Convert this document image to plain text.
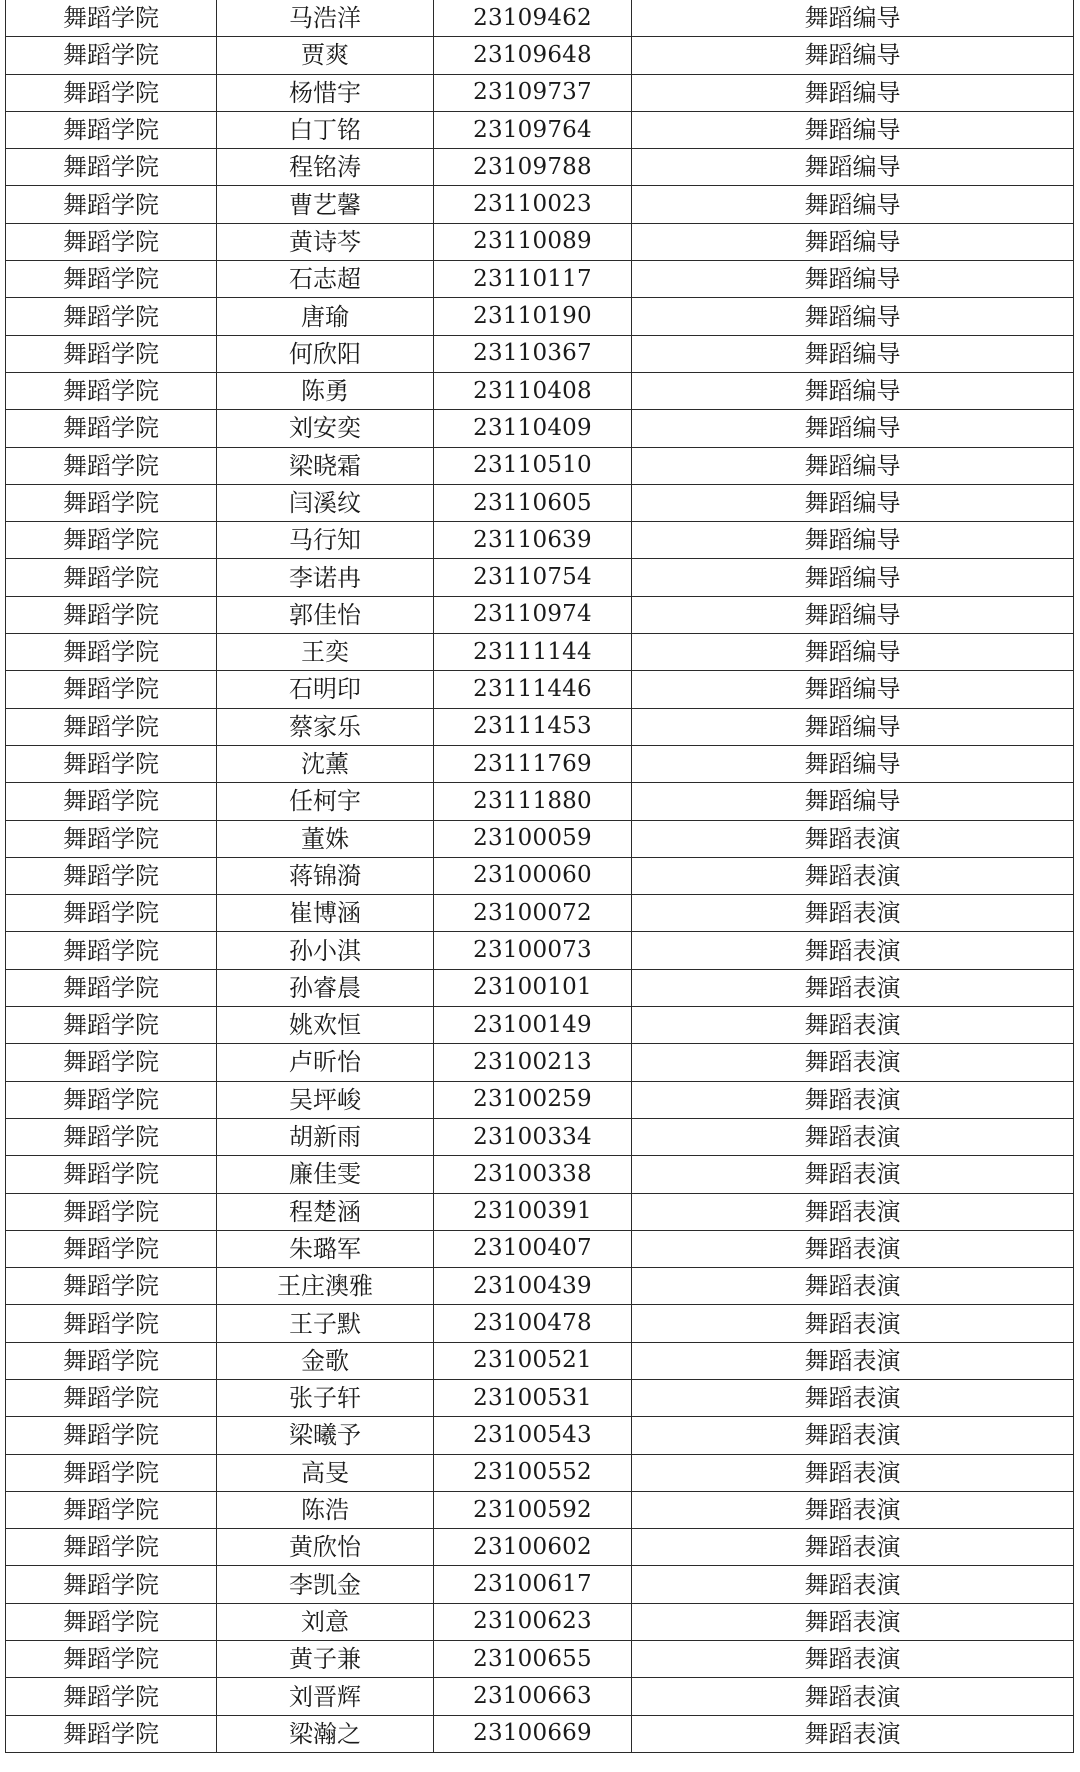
舞蹈学院	马浩洋	23109462	舞蹈编导
舞蹈学院	贾爽	23109648	舞蹈编导
舞蹈学院	杨惜宇	23109737	舞蹈编导
舞蹈学院	白丁铭	23109764	舞蹈编导
舞蹈学院	程铭涛	23109788	舞蹈编导
舞蹈学院	曹艺馨	23110023	舞蹈编导
舞蹈学院	黄诗芩	23110089	舞蹈编导
舞蹈学院	石志超	23110117	舞蹈编导
舞蹈学院	唐瑜	23110190	舞蹈编导
舞蹈学院	何欣阳	23110367	舞蹈编导
舞蹈学院	陈勇	23110408	舞蹈编导
舞蹈学院	刘安奕	23110409	舞蹈编导
舞蹈学院	梁晓霜	23110510	舞蹈编导
舞蹈学院	闫溪纹	23110605	舞蹈编导
舞蹈学院	马行知	23110639	舞蹈编导
舞蹈学院	李诺冉	23110754	舞蹈编导
舞蹈学院	郭佳怡	23110974	舞蹈编导
舞蹈学院	王奕	23111144	舞蹈编导
舞蹈学院	石明印	23111446	舞蹈编导
舞蹈学院	蔡家乐	23111453	舞蹈编导
舞蹈学院	沈薰	23111769	舞蹈编导
舞蹈学院	任柯宇	23111880	舞蹈编导
舞蹈学院	董姝	23100059	舞蹈表演
舞蹈学院	蒋锦漪	23100060	舞蹈表演
舞蹈学院	崔博涵	23100072	舞蹈表演
舞蹈学院	孙小淇	23100073	舞蹈表演
舞蹈学院	孙睿晨	23100101	舞蹈表演
舞蹈学院	姚欢恒	23100149	舞蹈表演
舞蹈学院	卢昕怡	23100213	舞蹈表演
舞蹈学院	吴坪峻	23100259	舞蹈表演
舞蹈学院	胡新雨	23100334	舞蹈表演
舞蹈学院	廉佳雯	23100338	舞蹈表演
舞蹈学院	程楚涵	23100391	舞蹈表演
舞蹈学院	朱璐军	23100407	舞蹈表演
舞蹈学院	王庄澳雅	23100439	舞蹈表演
舞蹈学院	王子默	23100478	舞蹈表演
舞蹈学院	金歌	23100521	舞蹈表演
舞蹈学院	张子轩	23100531	舞蹈表演
舞蹈学院	梁曦予	23100543	舞蹈表演
舞蹈学院	高旻	23100552	舞蹈表演
舞蹈学院	陈浩	23100592	舞蹈表演
舞蹈学院	黄欣怡	23100602	舞蹈表演
舞蹈学院	李凯金	23100617	舞蹈表演
舞蹈学院	刘意	23100623	舞蹈表演
舞蹈学院	黄子兼	23100655	舞蹈表演
舞蹈学院	刘晋辉	23100663	舞蹈表演
舞蹈学院	梁瀚之	23100669	舞蹈表演
